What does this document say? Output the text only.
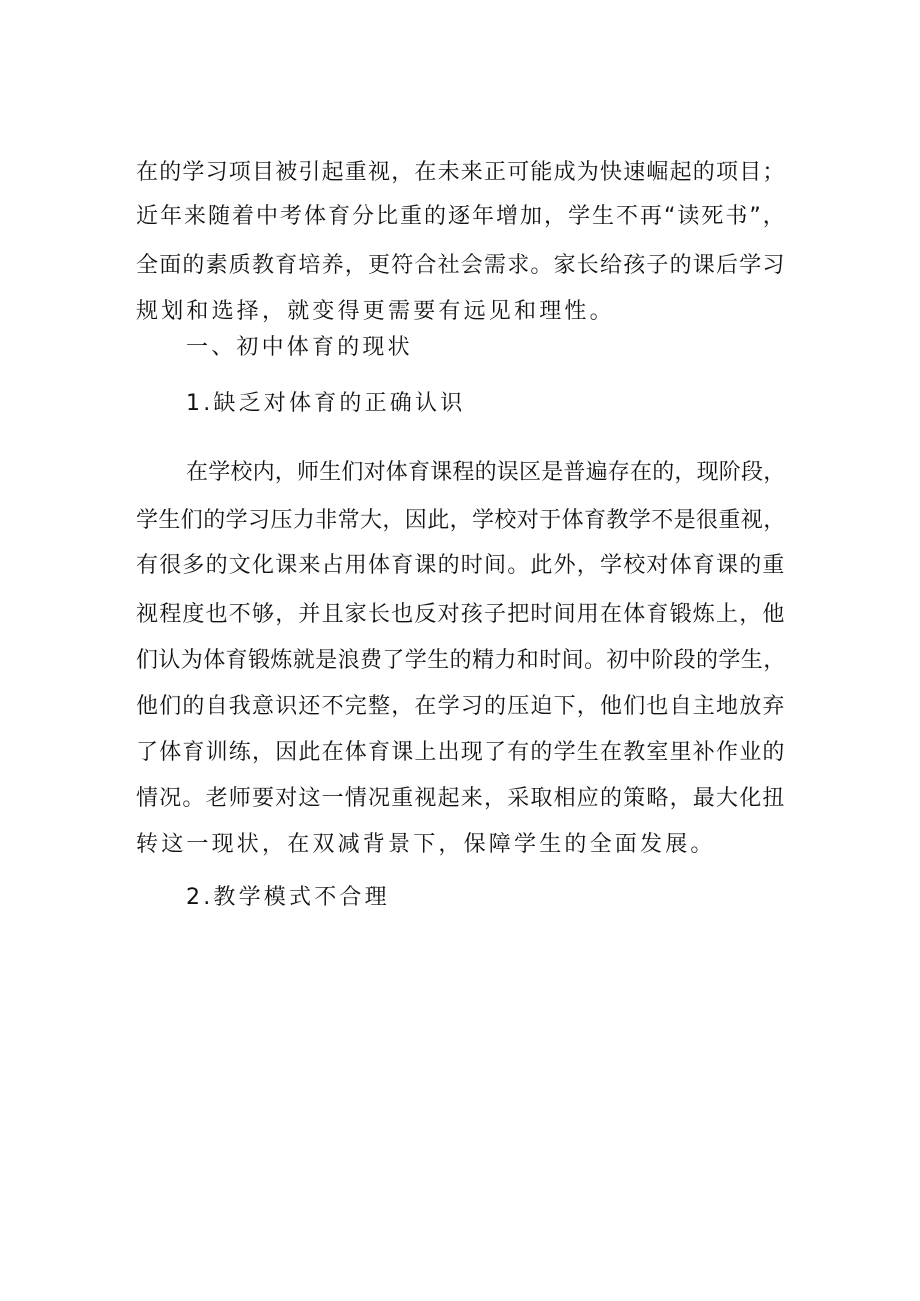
在的学习项目被引起重视，在未来正可能成为快速崛起的项目；
近年来随着中考体育分比重的逐年增加，学生不再“读死书”，
全面的素质教育培养，更符合社会需求。家长给孩子的课后学习
规划和选择，就变得更需要有远见和理性。
一、初中体育的现状
1.缺乏对体育的正确认识
在学校内，师生们对体育课程的误区是普遍存在的，现阶段，
学生们的学习压力非常大，因此，学校对于体育教学不是很重视，
有很多的文化课来占用体育课的时间。此外，学校对体育课的重
视程度也不够，并且家长也反对孩子把时间用在体育锻炼上，他
们认为体育锻炼就是浪费了学生的精力和时间。初中阶段的学生，
他们的自我意识还不完整，在学习的压迫下，他们也自主地放弃
了体育训练，因此在体育课上出现了有的学生在教室里补作业的
情况。老师要对这一情况重视起来，采取相应的策略，最大化扭
转这一现状，在双减背景下，保障学生的全面发展。
2.教学模式不合理
